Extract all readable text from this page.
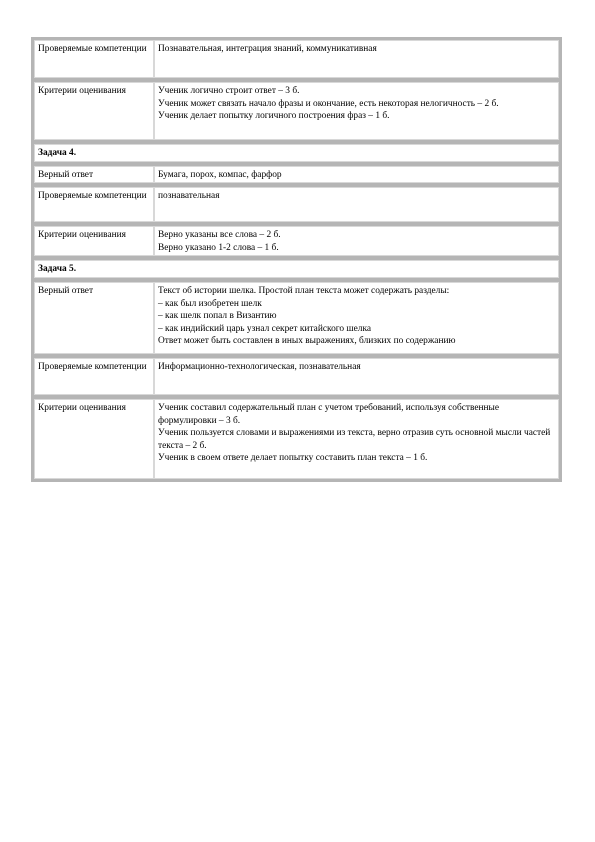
Проверяемые компетенции	Познавательная, интеграция знаний, коммуникативная

Критерии оценивания	Ученик логично строит ответ – 3 б.
Ученик может связать начало фразы и окончание, есть некоторая нелогичность – 2 б.
Ученик делает попытку логичного построения фраз – 1 б.

Задача 4.	

Верный ответ	Бумага, порох, компас, фарфор

Проверяемые компетенции	познавательная

Критерии оценивания	Верно указаны все слова – 2 б.
Верно указано 1-2 слова – 1 б.

Задача 5.	

Верный ответ	Текст об истории шелка. Простой план текста может содержать разделы:
– как был изобретен шелк
– как шелк попал в Византию
– как индийский царь узнал секрет китайского шелка
Ответ может быть составлен в иных выражениях, близких по содержанию

Проверяемые компетенции	Информационно-технологическая, познавательная

Критерии оценивания	Ученик составил содержательный план с учетом требований, используя собственные формулировки – 3 б.
Ученик пользуется словами и выражениями из текста, верно отразив суть основной мысли частей текста – 2 б.
Ученик в своем ответе делает попытку составить план текста – 1 б.
